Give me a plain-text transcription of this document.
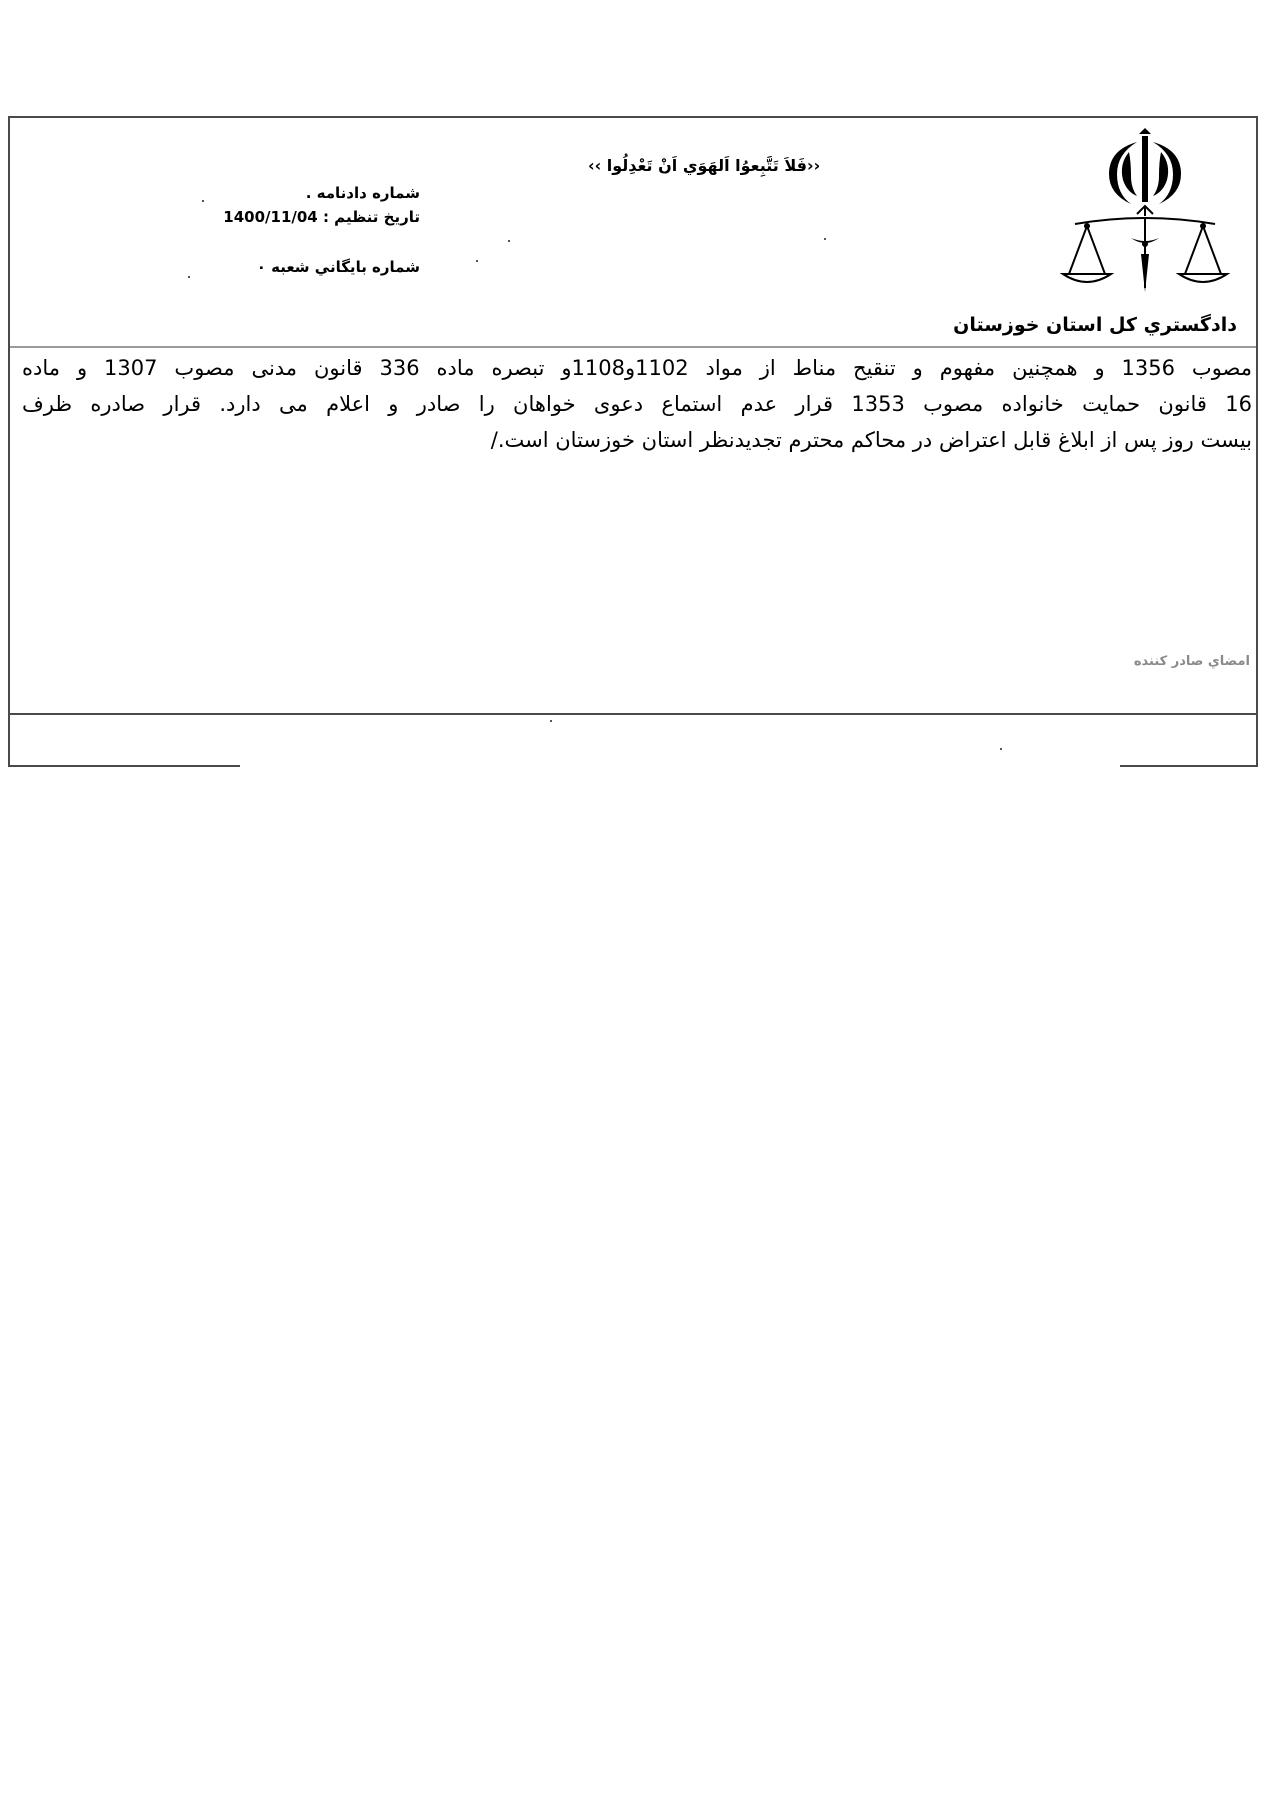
دادگستري كل استان خوزستان
‹‹فَلاَ تَتَّبِعوُا اَلهَوَي اَنْ تَعْدِلُوا ››
شماره دادنامه .
تاريخ تنظيم : 1400/11/04
شماره بايگاني شعبه ۰
مصوب 1356 و همچنین مفهوم و تنقیح مناط از مواد 1102و1108و تبصره ماده 336 قانون مدنی مصوب 1307 و ماده
16 قانون حمایت خانواده مصوب 1353 قرار عدم استماع دعوی خواهان را صادر و اعلام می دارد. قرار صادره ظرف
بیست روز پس از ابلاغ قابل اعتراض در محاکم محترم تجدیدنظر استان خوزستان است./
امضاي صادر كننده
